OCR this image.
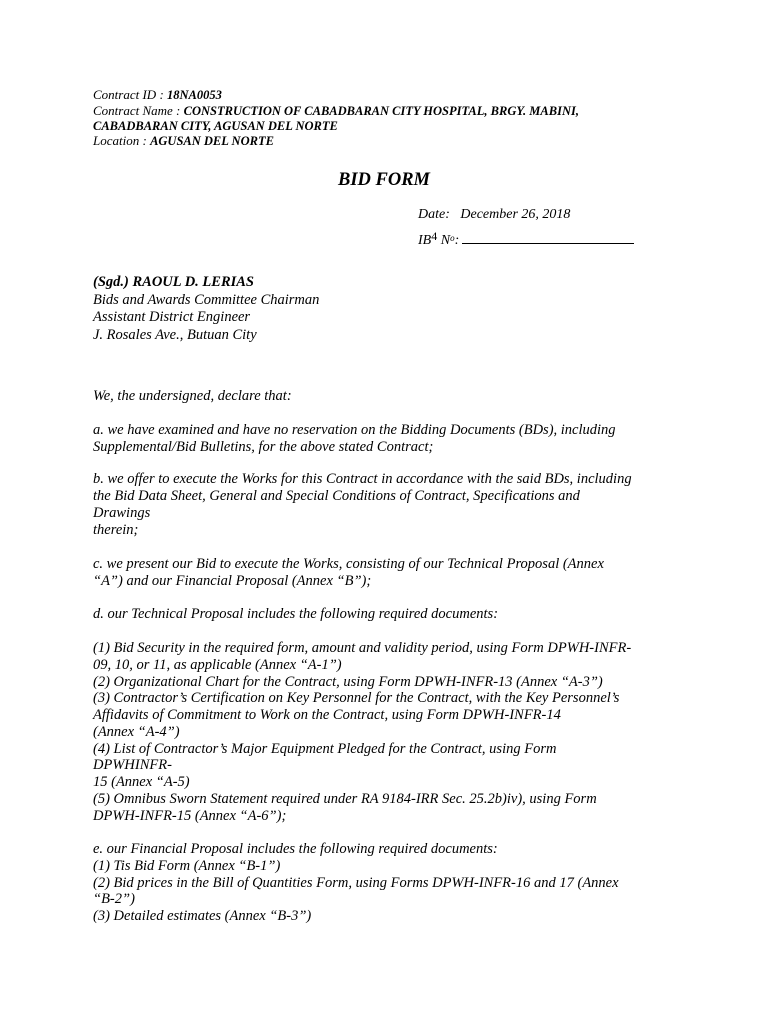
Contract ID : 18NA0053
Contract Name : CONSTRUCTION OF CABADBARAN CITY HOSPITAL, BRGY. MABINI,
CABADBARAN CITY, AGUSAN DEL NORTE
Location : AGUSAN DEL NORTE
BID FORM
Date: December 26, 2018
IB4 $N^o$:
(Sgd.) RAOUL D. LERIAS
Bids and Awards Committee Chairman
Assistant District Engineer
J. Rosales Ave., Butuan City
We, the undersigned, declare that:
a. we have examined and have no reservation on the Bidding Documents (BDs), including
Supplemental/Bid Bulletins, for the above stated Contract;
b. we offer to execute the Works for this Contract in accordance with the said BDs, including
the Bid Data Sheet, General and Special Conditions of Contract, Specifications and
Drawings
therein;
c. we present our Bid to execute the Works, consisting of our Technical Proposal (Annex
“A”) and our Financial Proposal (Annex “B”);
d. our Technical Proposal includes the following required documents:
(1) Bid Security in the required form, amount and validity period, using Form DPWH-INFR-
09, 10, or 11, as applicable (Annex “A-1”)
(2) Organizational Chart for the Contract, using Form DPWH-INFR-13 (Annex “A-3”)
(3) Contractor’s Certification on Key Personnel for the Contract, with the Key Personnel’s
Affidavits of Commitment to Work on the Contract, using Form DPWH-INFR-14
(Annex “A-4”)
(4) List of Contractor’s Major Equipment Pledged for the Contract, using Form
DPWHINFR-
15 (Annex “A-5)
(5) Omnibus Sworn Statement required under RA 9184-IRR Sec. 25.2b)iv), using Form
DPWH-INFR-15 (Annex “A-6”);
e. our Financial Proposal includes the following required documents:
(1) Tis Bid Form (Annex “B-1”)
(2) Bid prices in the Bill of Quantities Form, using Forms DPWH-INFR-16 and 17 (Annex
“B-2”)
(3) Detailed estimates (Annex “B-3”)
